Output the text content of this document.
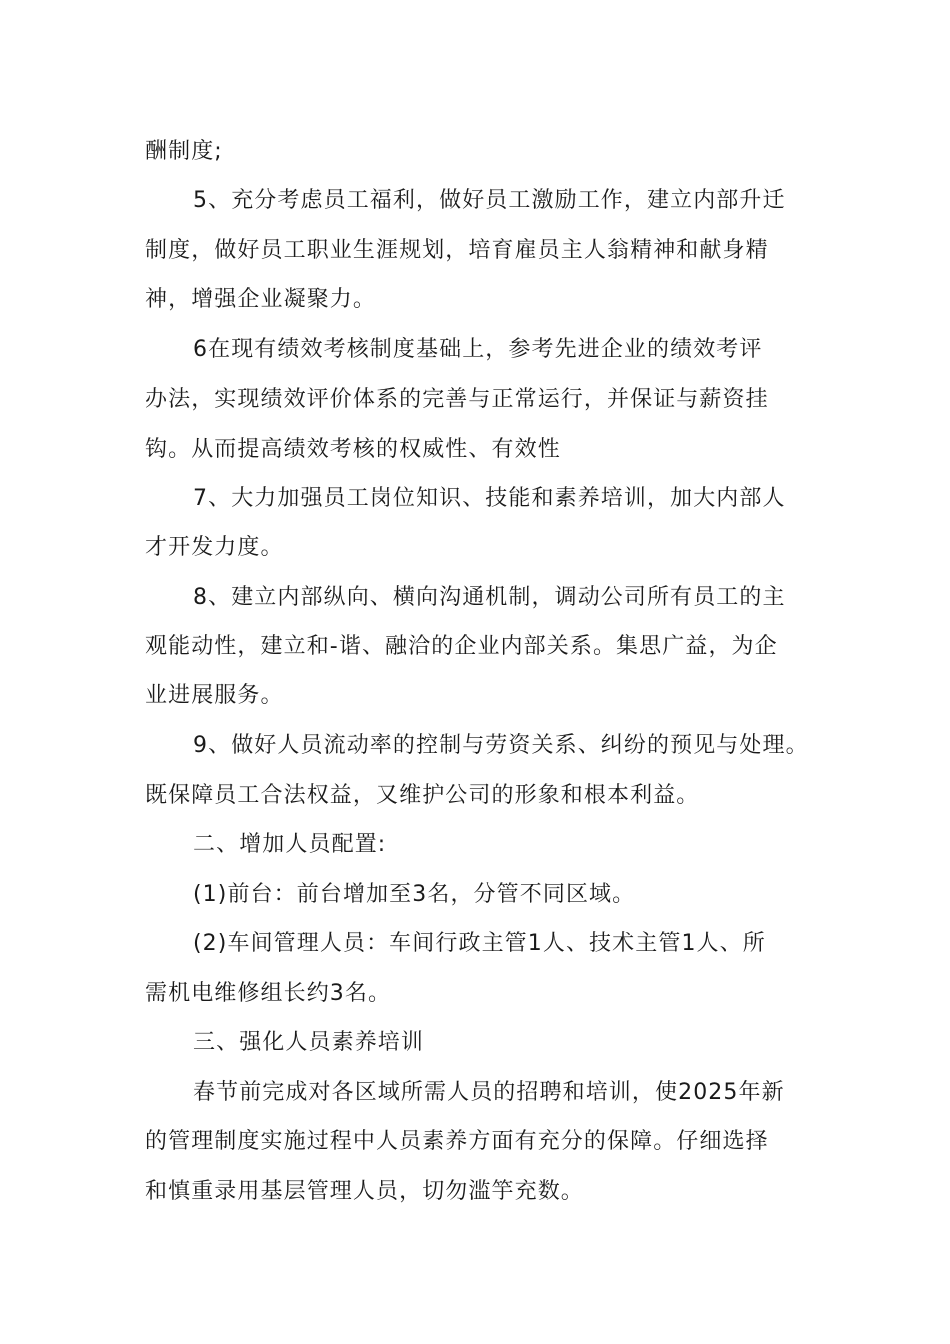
酬制度;

5、充分考虑员工福利，做好员工激励工作，建立内部升迁

制度，做好员工职业生涯规划，培育雇员主人翁精神和献身精

神，增强企业凝聚力。

6在现有绩效考核制度基础上，参考先进企业的绩效考评

办法，实现绩效评价体系的完善与正常运行，并保证与薪资挂

钩。从而提高绩效考核的权威性、有效性

7、大力加强员工岗位知识、技能和素养培训，加大内部人

才开发力度。

8、建立内部纵向、横向沟通机制，调动公司所有员工的主

观能动性，建立和-谐、融洽的企业内部关系。集思广益，为企

业进展服务。

9、做好人员流动率的控制与劳资关系、纠纷的预见与处理。

既保障员工合法权益，又维护公司的形象和根本利益。

二、增加人员配置:

(1)前台：前台增加至3名，分管不同区域。

(2)车间管理人员：车间行政主管1人、技术主管1人、所

需机电维修组长约3名。

三、强化人员素养培训

春节前完成对各区域所需人员的招聘和培训，使2025年新

的管理制度实施过程中人员素养方面有充分的保障。仔细选择

和慎重录用基层管理人员，切勿滥竽充数。
